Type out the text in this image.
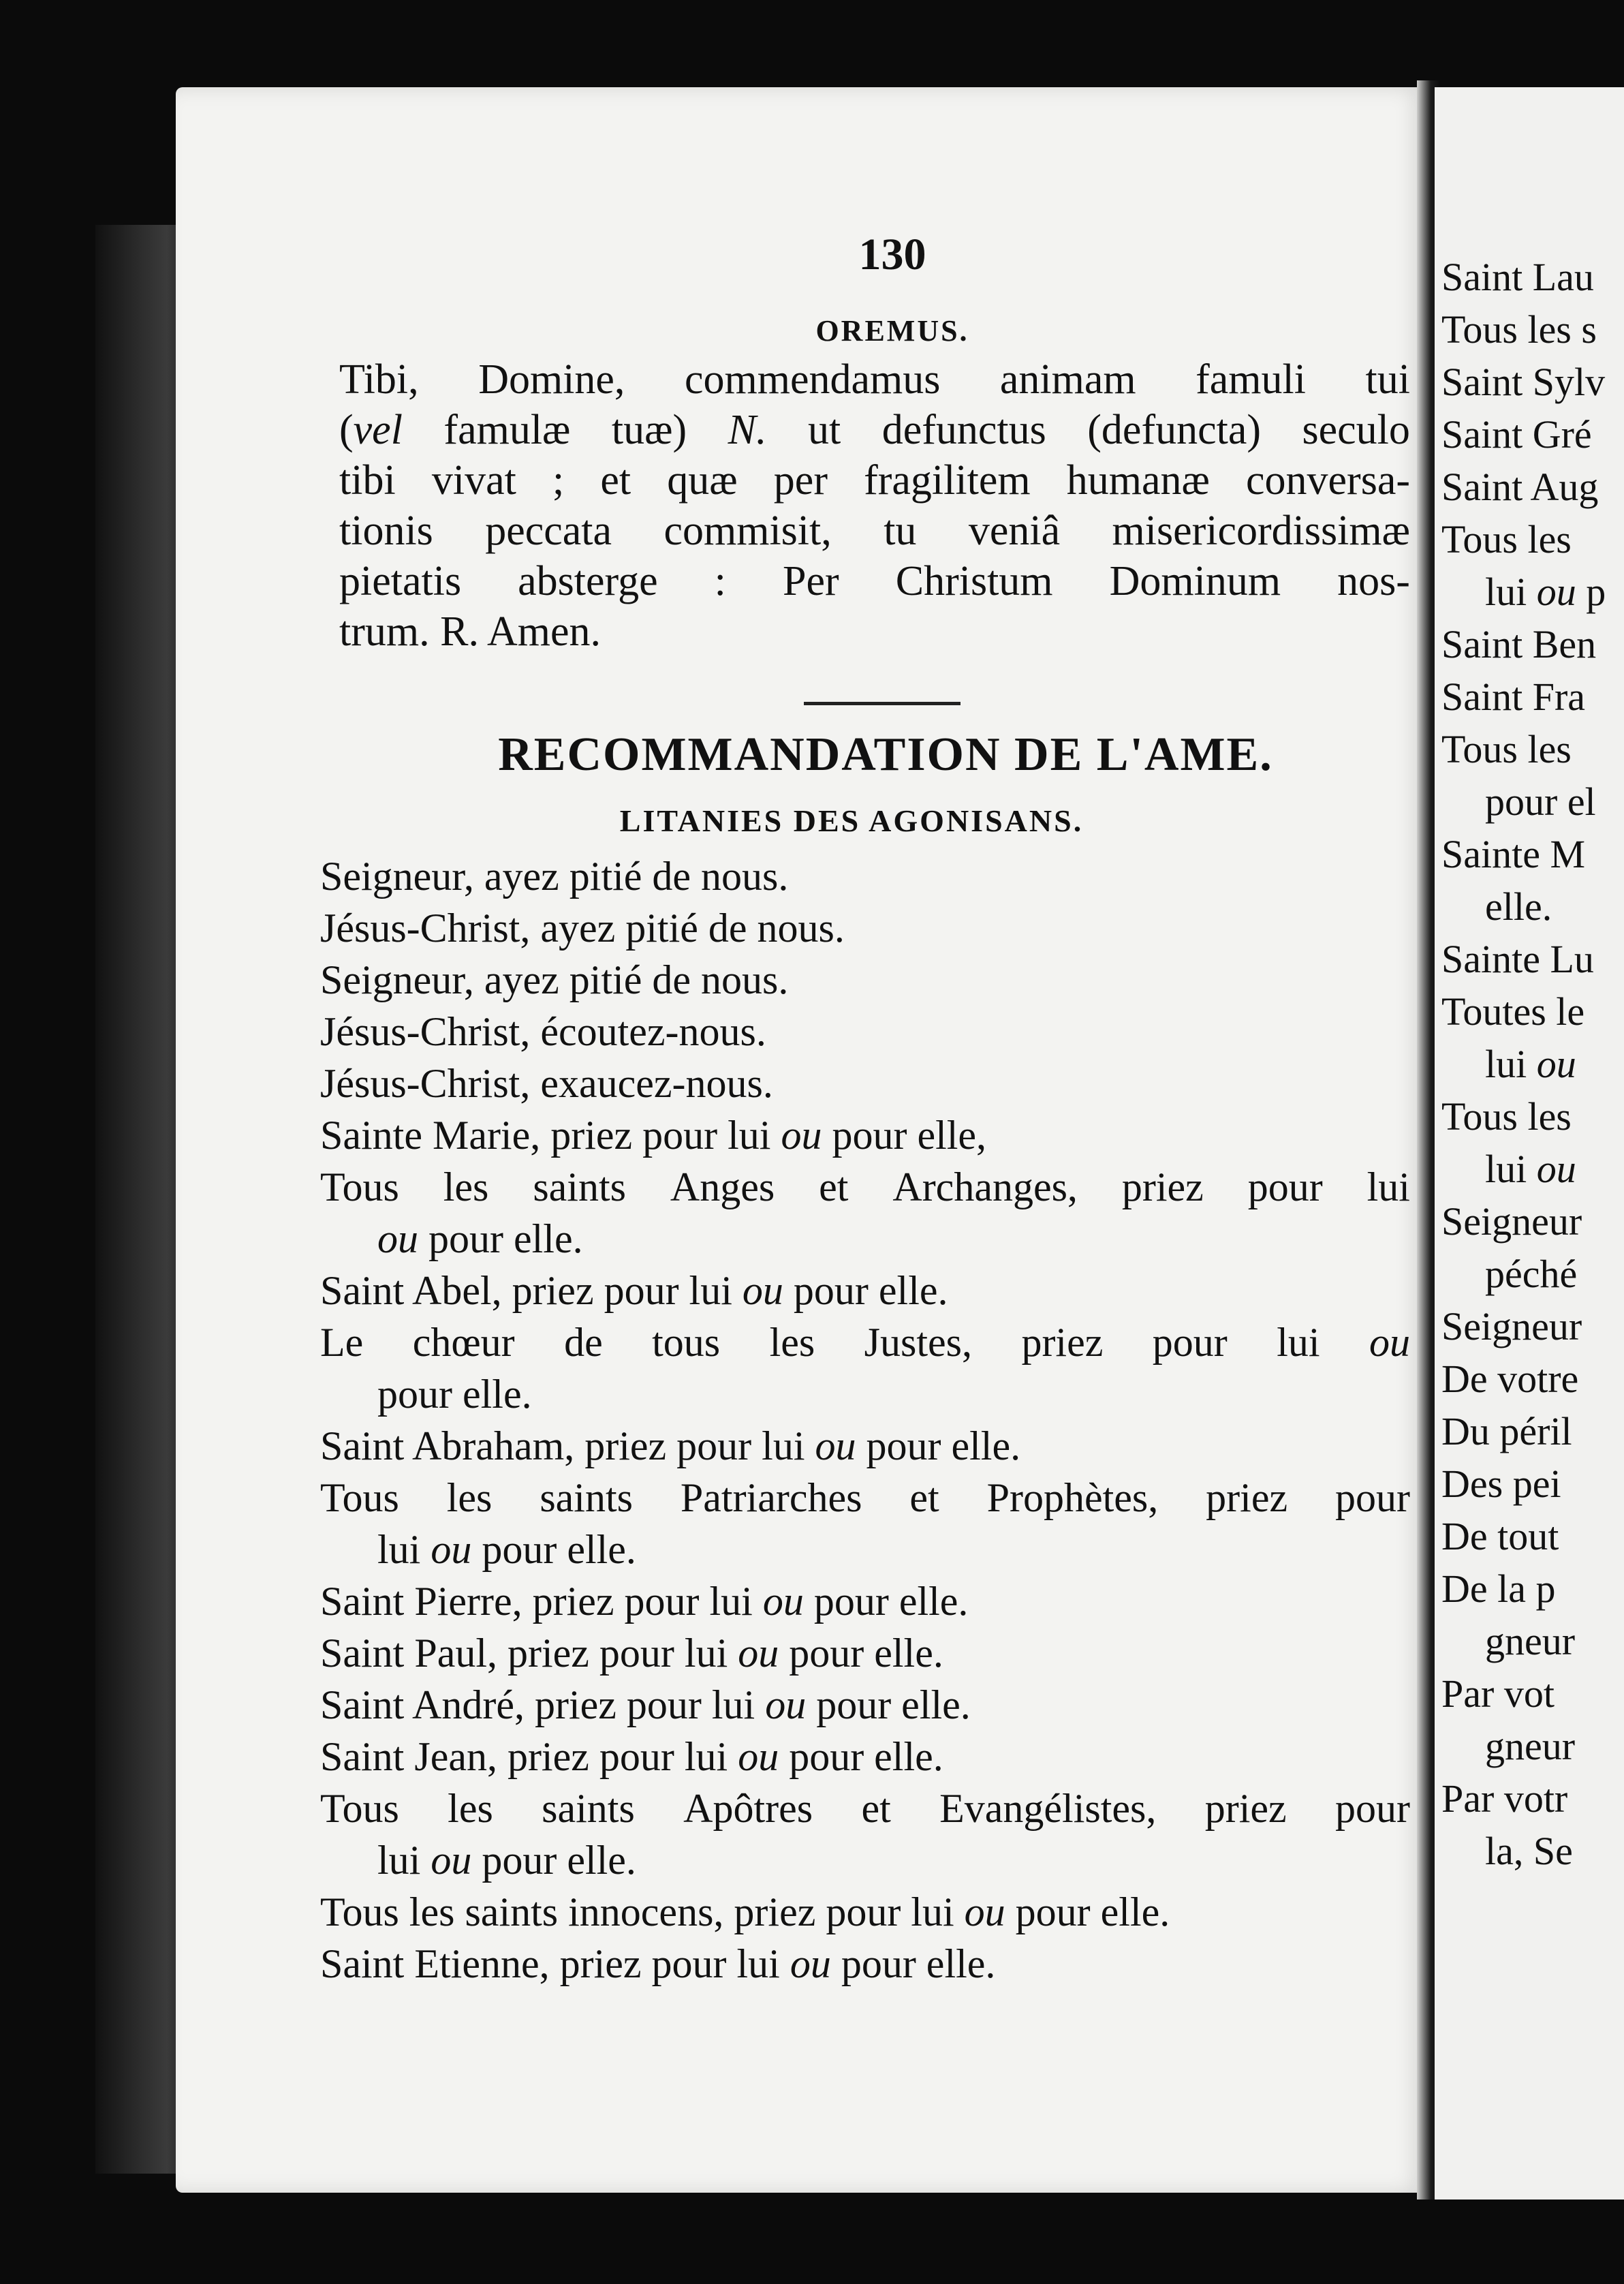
Saint Lau
Tous les s
Saint Sylv
Saint Gré
Saint Aug
Tous les
lui ou p
Saint Ben
Saint Fra
Tous les
pour el
Sainte M
elle.
Sainte Lu
Toutes le
lui ou
Tous les
lui ou
Seigneur
péché
Seigneur
De votre
Du péril
Des pei
De tout
De la p
gneur
Par vot
gneur
Par votr
la, Se
130
OREMUS.
Tibi, Domine, commendamus animam famuli tui
(vel famulæ tuæ) N. ut defunctus (defuncta) seculo
tibi vivat ; et quæ per fragilitem humanæ conversa-
tionis peccata commisit, tu veniâ misericordissimæ
pietatis absterge : Per Christum Dominum nos-
trum. R. Amen.
RECOMMANDATION DE L'AME.
LITANIES DES AGONISANS.
Seigneur, ayez pitié de nous.
Jésus-Christ, ayez pitié de nous.
Seigneur, ayez pitié de nous.
Jésus-Christ, écoutez-nous.
Jésus-Christ, exaucez-nous.
Sainte Marie, priez pour lui ou pour elle,
Tous les saints Anges et Archanges, priez pour lui
ou pour elle.
Saint Abel, priez pour lui ou pour elle.
Le chœur de tous les Justes, priez pour lui ou
pour elle.
Saint Abraham, priez pour lui ou pour elle.
Tous les saints Patriarches et Prophètes, priez pour
lui ou pour elle.
Saint Pierre, priez pour lui ou pour elle.
Saint Paul, priez pour lui ou pour elle.
Saint André, priez pour lui ou pour elle.
Saint Jean, priez pour lui ou pour elle.
Tous les saints Apôtres et Evangélistes, priez pour
lui ou pour elle.
Tous les saints innocens, priez pour lui ou pour elle.
Saint Etienne, priez pour lui ou pour elle.
